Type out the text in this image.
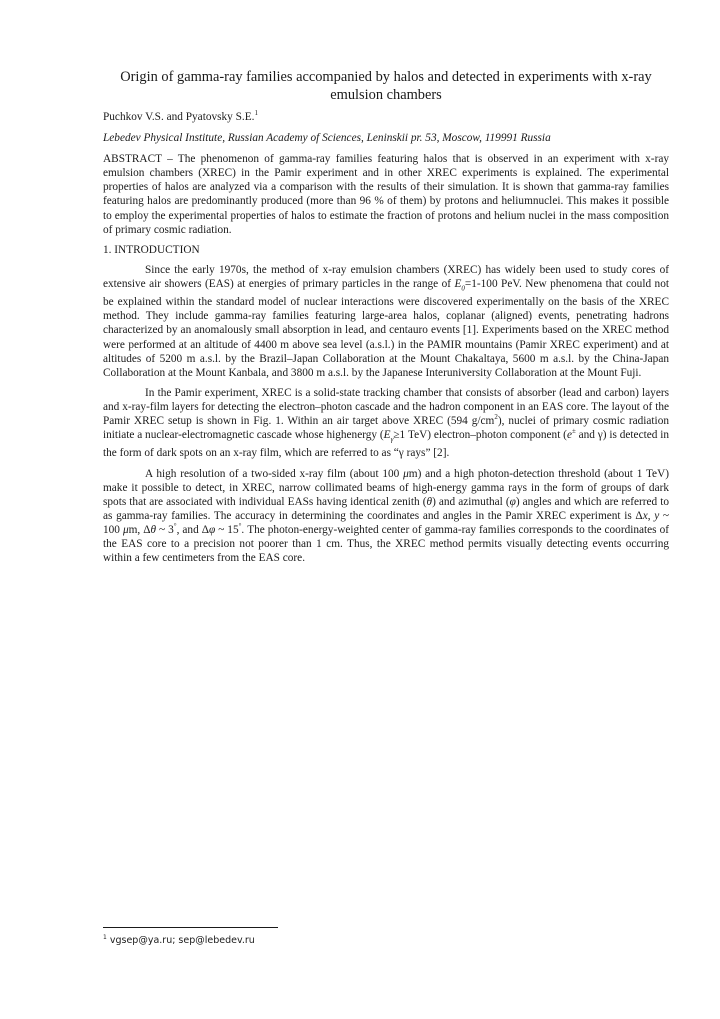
Origin of gamma-ray families accompanied by halos and detected in experiments with x-ray emulsion chambers
Puchkov V.S. and Pyatovsky S.E.$^1$
Lebedev Physical Institute, Russian Academy of Sciences, Leninskii pr. 53, Moscow, 119991 Russia
ABSTRACT – The phenomenon of gamma-ray families featuring halos that is observed in an experiment with x-ray emulsion chambers (XREC) in the Pamir experiment and in other XREC experiments is explained. The experimental properties of halos are analyzed via a comparison with the results of their simulation. It is shown that gamma-ray families featuring halos are predominantly produced (more than 96 % of them) by protons and heliumnuclei. This makes it possible to employ the experimental properties of halos to estimate the fraction of protons and helium nuclei in the mass composition of primary cosmic radiation.
1. INTRODUCTION
Since the early 1970s, the method of x-ray emulsion chambers (XREC) has widely been used to study cores of extensive air showers (EAS) at energies of primary particles in the range of $E_0=1-100$ PeV. New phenomena that could not be explained within the standard model of nuclear interactions were discovered experimentally on the basis of the XREC method. They include gamma-ray families featuring large-area halos, coplanar (aligned) events, penetrating hadrons characterized by an anomalously small absorption in lead, and centauro events [1]. Experiments based on the XREC method were performed at an altitude of 4400 m above sea level (a.s.l.) in the PAMIR mountains (Pamir XREC experiment) and at altitudes of 5200 m a.s.l. by the Brazil–Japan Collaboration at the Mount Chakaltaya, 5600 m a.s.l. by the China-Japan Collaboration at the Mount Kanbala, and 3800 m a.s.l. by the Japanese Interuniversity Collaboration at the Mount Fuji.
In the Pamir experiment, XREC is a solid-state tracking chamber that consists of absorber (lead and carbon) layers and x-ray-film layers for detecting the electron–photon cascade and the hadron component in an EAS core. The layout of the Pamir XREC setup is shown in Fig. 1. Within an air target above XREC (594 $g/cm^2$), nuclei of primary cosmic radiation initiate a nuclear-electromagnetic cascade whose highenergy ($E_\gamma\ge 1$ TeV) electron–photon component (e± and γ) is detected in the form of dark spots on an x-ray film, which are referred to as “γ rays” [2].
A high resolution of a two-sided x-ray film (about 100 μm) and a high photon-detection threshold (about 1 TeV) make it possible to detect, in XREC, narrow collimated beams of high-energy gamma rays in the form of groups of dark spots that are associated with individual EASs having identical zenith (θ) and azimuthal (φ) angles and which are referred to as gamma-ray families. The accuracy in determining the coordinates and angles in the Pamir XREC experiment is Δx, y ~ 100 μm, Δθ ~ 3°, and Δφ ~ 15°. The photon-energy-weighted center of gamma-ray families corresponds to the coordinates of the EAS core to a precision not poorer than 1 cm. Thus, the XREC method permits visually detecting events occurring within a few centimeters from the EAS core.
$^1$ vgsep@ya.ru; sep@lebedev.ru
